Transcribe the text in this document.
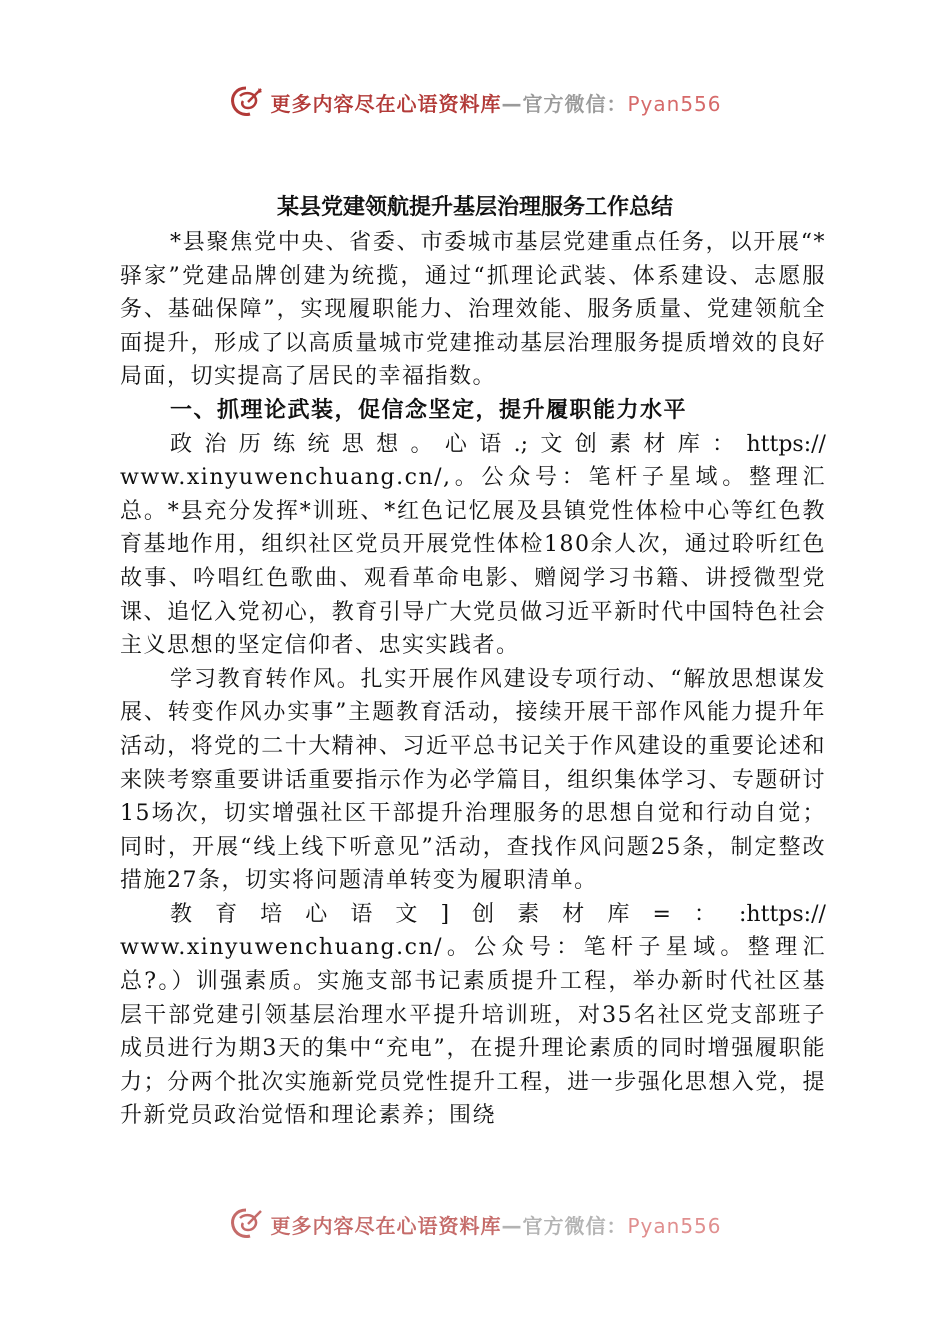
更多内容尽在心语资料库—官方微信：Pyan556
某县党建领航提升基层治理服务工作总结

*县聚焦党中央、省委、市委城市基层党建重点任务，以开展“*驿家”党建品牌创建为统揽，通过“抓理论武装、体系建设、志愿服务、基础保障”，实现履职能力、治理效能、服务质量、党建领航全面提升，形成了以高质量城市党建推动基层治理服务提质增效的良好局面，切实提高了居民的幸福指数。

一、抓理论武装，促信念坚定，提升履职能力水平

政 治 历 练 统 思 想 。 心 语 .; 文 创 素 材 库 ： https://

www.xinyuwenchuang.cn/,。公众号：笔杆子星域。整理汇总。*县充分发挥*训班、*红色记忆展及县镇党性体检中心等红色教育基地作用，组织社区党员开展党性体检180余人次，通过聆听红色故事、吟唱红色歌曲、观看革命电影、赠阅学习书籍、讲授微型党课、追忆入党初心，教育引导广大党员做习近平新时代中国特色社会主义思想的坚定信仰者、忠实实践者。

学习教育转作风。扎实开展作风建设专项行动、“解放思想谋发展、转变作风办实事”主题教育活动，接续开展干部作风能力提升年活动，将党的二十大精神、习近平总书记关于作风建设的重要论述和来陕考察重要讲话重要指示作为必学篇目，组织集体学习、专题研讨15场次，切实增强社区干部提升治理服务的思想自觉和行动自觉；同时，开展“线上线下听意见”活动，查找作风问题25条，制定整改措施27条，切实将问题清单转变为履职清单。

教 育 培 心 语 文 ] 创 素 材 库 = ： :https://

www.xinyuwenchuang.cn/。公众号：笔杆子星域。整理汇总?。）训强素质。实施支部书记素质提升工程，举办新时代社区基层干部党建引领基层治理水平提升培训班，对35名社区党支部班子成员进行为期3天的集中“充电”，在提升理论素质的同时增强履职能力；分两个批次实施新党员党性提升工程，进一步强化思想入党，提升新党员政治觉悟和理论素养；围绕

更多内容尽在心语资料库—官方微信：Pyan556
